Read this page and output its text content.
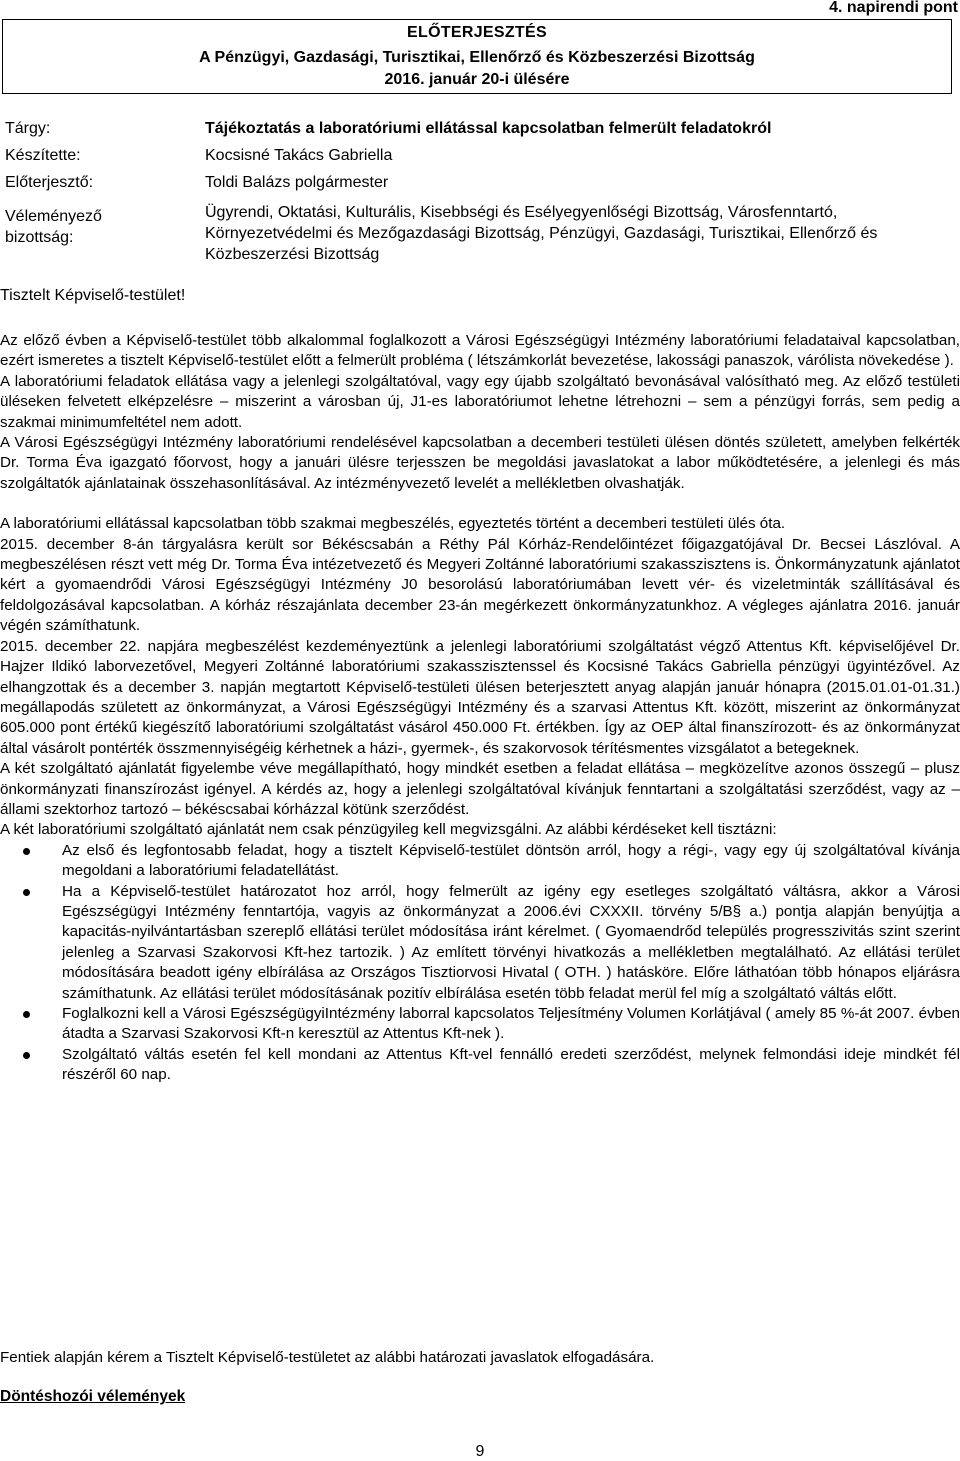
4. napirendi pont
ELŐTERJESZTÉS
A Pénzügyi, Gazdasági, Turisztikai, Ellenőrző és Közbeszerzési Bizottság
2016. január 20-i ülésére
Tárgy:	Tájékoztatás a laboratóriumi ellátással kapcsolatban felmerült feladatokról
Készítette:	Kocsisné Takács Gabriella
Előterjesztő:	Toldi Balázs polgármester
Véleményező
bizottság:
Ügyrendi, Oktatási, Kulturális, Kisebbségi és Esélyegyenlőségi Bizottság, Városfenntartó, Környezetvédelmi és Mezőgazdasági Bizottság, Pénzügyi, Gazdasági, Turisztikai, Ellenőrző és Közbeszerzési Bizottság
Tisztelt Képviselő-testület!

Az előző évben a Képviselő-testület több alkalommal foglalkozott a Városi Egészségügyi Intézmény laboratóriumi feladataival kapcsolatban, ezért ismeretes a tisztelt Képviselő-testület előtt a felmerült probléma ( létszámkorlát bevezetése, lakossági panaszok, várólista növekedése ).

A laboratóriumi feladatok ellátása vagy a jelenlegi szolgáltatóval, vagy egy újabb szolgáltató bevonásával valósítható meg. Az előző testületi üléseken felvetett elképzelésre – miszerint a városban új, J1-es laboratóriumot lehetne létrehozni – sem a pénzügyi forrás, sem pedig a szakmai minimumfeltétel nem adott.

A Városi Egészségügyi Intézmény laboratóriumi rendelésével kapcsolatban a decemberi testületi ülésen döntés született, amelyben felkérték Dr. Torma Éva igazgató főorvost, hogy a januári ülésre terjesszen be megoldási javaslatokat a labor működtetésére, a jelenlegi és más szolgáltatók ajánlatainak összehasonlításával. Az intézményvezető levelét a mellékletben olvashatják.

A laboratóriumi ellátással kapcsolatban több szakmai megbeszélés, egyeztetés történt a decemberi testületi ülés óta.

2015. december 8-án tárgyalásra került sor Békéscsabán a Réthy Pál Kórház-Rendelőintézet főigazgatójával Dr. Becsei Lászlóval. A megbeszélésen részt vett még Dr. Torma Éva intézetvezető és Megyeri Zoltánné laboratóriumi szakasszisztens is. Önkormányzatunk ajánlatot kért a gyomaendrődi Városi Egészségügyi Intézmény J0 besorolású laboratóriumában levett vér- és vizeletminták szállításával és feldolgozásával kapcsolatban. A kórház részajánlata december 23-án megérkezett önkormányzatunkhoz. A végleges ajánlatra 2016. január végén számíthatunk.

2015. december 22. napjára megbeszélést kezdeményeztünk a jelenlegi laboratóriumi szolgáltatást végző Attentus Kft. képviselőjével Dr. Hajzer Ildikó laborvezetővel, Megyeri Zoltánné laboratóriumi szakasszisztenssel és Kocsisné Takács Gabriella pénzügyi ügyintézővel. Az elhangzottak és a december 3. napján megtartott Képviselő-testületi ülésen beterjesztett anyag alapján január hónapra (2015.01.01-01.31.) megállapodás született az önkormányzat, a Városi Egészségügyi Intézmény és a szarvasi Attentus Kft. között, miszerint az önkormányzat 605.000 pont értékű kiegészítő laboratóriumi szolgáltatást vásárol 450.000 Ft. értékben. Így az OEP által finanszírozott- és az önkormányzat által vásárolt pontérték összmennyiségéig kérhetnek a házi-, gyermek-, és szakorvosok térítésmentes vizsgálatot a betegeknek.

A két szolgáltató ajánlatát figyelembe véve megállapítható, hogy mindkét esetben a feladat ellátása – megközelítve azonos összegű – plusz önkormányzati finanszírozást igényel. A kérdés az, hogy a jelenlegi szolgáltatóval kívánjuk fenntartani a szolgáltatási szerződést, vagy az – állami szektorhoz tartozó – békéscsabai kórházzal kötünk szerződést.

A két laboratóriumi szolgáltató ajánlatát nem csak pénzügyileg kell megvizsgálni. Az alábbi kérdéseket kell tisztázni:

Az első és legfontosabb feladat, hogy a tisztelt Képviselő-testület döntsön arról, hogy a régi-, vagy egy új szolgáltatóval kívánja megoldani a laboratóriumi feladatellátást.
Ha a Képviselő-testület határozatot hoz arról, hogy felmerült az igény egy esetleges szolgáltató váltásra, akkor a Városi Egészségügyi Intézmény fenntartója, vagyis az önkormányzat a 2006.évi CXXXII. törvény 5/B§ a.) pontja alapján benyújtja a kapacitás-nyilvántartásban szereplő ellátási terület módosítása iránt kérelmet. ( Gyomaendrőd település progresszivitás szint szerint jelenleg a Szarvasi Szakorvosi Kft-hez tartozik. ) Az említett törvényi hivatkozás a mellékletben megtalálható. Az ellátási terület módosítására beadott igény elbírálása az Országos Tisztiorvosi Hivatal ( OTH. ) hatásköre. Előre láthatóan több hónapos eljárásra számíthatunk. Az ellátási terület módosításának pozitív elbírálása esetén több feladat merül fel míg a szolgáltató váltás előtt.
Foglalkozni kell a Városi EgészségügyiIntézmény laborral kapcsolatos Teljesítmény Volumen Korlátjával ( amely 85 %-át 2007. évben átadta a Szarvasi Szakorvosi Kft-n keresztül az Attentus Kft-nek ).
Szolgáltató váltás esetén fel kell mondani az Attentus Kft-vel fennálló eredeti szerződést, melynek felmondási ideje mindkét fél részéről 60 nap.
Fentiek alapján kérem a Tisztelt Képviselő-testületet az alábbi határozati javaslatok elfogadására.
Döntéshozói vélemények
9
